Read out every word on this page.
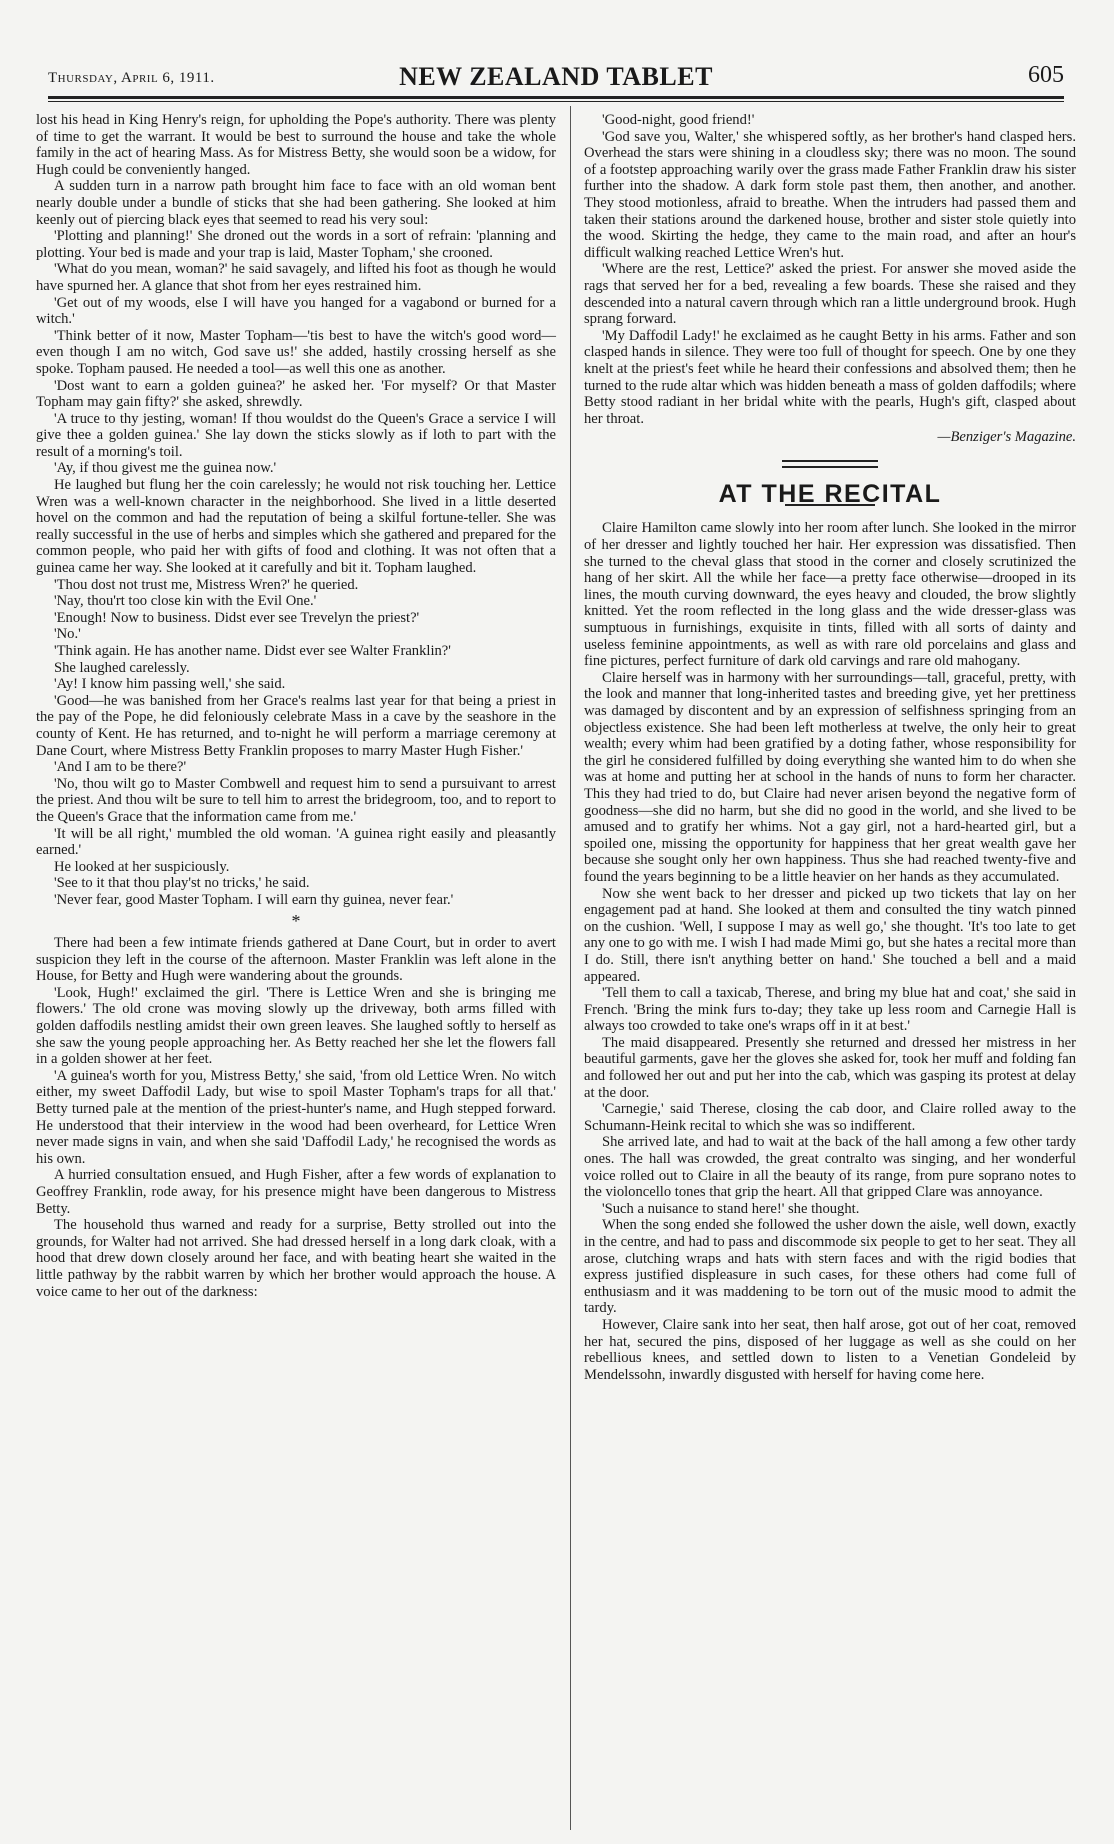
Thursday, April 6, 1911.	NEW ZEALAND TABLET	605

lost his head in King Henry's reign, for upholding the Pope's authority. There was plenty of time to get the warrant. It would be best to surround the house and take the whole family in the act of hearing Mass. As for Mistress Betty, she would soon be a widow, for Hugh could be conveniently hanged.

A sudden turn in a narrow path brought him face to face with an old woman bent nearly double under a bundle of sticks that she had been gathering. She looked at him keenly out of piercing black eyes that seemed to read his very soul:

'Plotting and planning!' She droned out the words in a sort of refrain: 'planning and plotting. Your bed is made and your trap is laid, Master Topham,' she crooned.

'What do you mean, woman?' he said savagely, and lifted his foot as though he would have spurned her. A glance that shot from her eyes restrained him.

'Get out of my woods, else I will have you hanged for a vagabond or burned for a witch.'

'Think better of it now, Master Topham—'tis best to have the witch's good word—even though I am no witch, God save us!' she added, hastily crossing herself as she spoke. Topham paused. He needed a tool—as well this one as another.

'Dost want to earn a golden guinea?' he asked her. 'For myself? Or that Master Topham may gain fifty?' she asked, shrewdly.

'A truce to thy jesting, woman! If thou wouldst do the Queen's Grace a service I will give thee a golden guinea.' She lay down the sticks slowly as if loth to part with the result of a morning's toil.

'Ay, if thou givest me the guinea now.'

He laughed but flung her the coin carelessly; he would not risk touching her. Lettice Wren was a well-known character in the neighborhood. She lived in a little deserted hovel on the common and had the reputation of being a skilful fortune-teller. She was really successful in the use of herbs and simples which she gathered and prepared for the common people, who paid her with gifts of food and clothing. It was not often that a guinea came her way. She looked at it carefully and bit it. Topham laughed.

'Thou dost not trust me, Mistress Wren?' he queried.

'Nay, thou'rt too close kin with the Evil One.'

'Enough! Now to business. Didst ever see Trevelyn the priest?'

'No.'

'Think again. He has another name. Didst ever see Walter Franklin?'

She laughed carelessly.

'Ay! I know him passing well,' she said.

'Good—he was banished from her Grace's realms last year for that being a priest in the pay of the Pope, he did feloniously celebrate Mass in a cave by the seashore in the county of Kent. He has returned, and to-night he will perform a marriage ceremony at Dane Court, where Mistress Betty Franklin proposes to marry Master Hugh Fisher.'

'And I am to be there?'

'No, thou wilt go to Master Combwell and request him to send a pursuivant to arrest the priest. And thou wilt be sure to tell him to arrest the bridegroom, too, and to report to the Queen's Grace that the information came from me.'

'It will be all right,' mumbled the old woman. 'A guinea right easily and pleasantly earned.'

He looked at her suspiciously.

'See to it that thou play'st no tricks,' he said.

'Never fear, good Master Topham. I will earn thy guinea, never fear.'

*

There had been a few intimate friends gathered at Dane Court, but in order to avert suspicion they left in the course of the afternoon. Master Franklin was left alone in the House, for Betty and Hugh were wandering about the grounds.

'Look, Hugh!' exclaimed the girl. 'There is Lettice Wren and she is bringing me flowers.' The old crone was moving slowly up the driveway, both arms filled with golden daffodils nestling amidst their own green leaves. She laughed softly to herself as she saw the young people approaching her. As Betty reached her she let the flowers fall in a golden shower at her feet.

'A guinea's worth for you, Mistress Betty,' she said, 'from old Lettice Wren. No witch either, my sweet Daffodil Lady, but wise to spoil Master Topham's traps for all that.' Betty turned pale at the mention of the priest-hunter's name, and Hugh stepped forward. He understood that their interview in the wood had been overheard, for Lettice Wren never made signs in vain, and when she said 'Daffodil Lady,' he recognised the words as his own.

A hurried consultation ensued, and Hugh Fisher, after a few words of explanation to Geoffrey Franklin, rode away, for his presence might have been dangerous to Mistress Betty.

The household thus warned and ready for a surprise, Betty strolled out into the grounds, for Walter had not arrived. She had dressed herself in a long dark cloak, with a hood that drew down closely around her face, and with beating heart she waited in the little pathway by the rabbit warren by which her brother would approach the house. A voice came to her out of the darkness:

'Good-night, good friend!'

'God save you, Walter,' she whispered softly, as her brother's hand clasped hers. Overhead the stars were shining in a cloudless sky; there was no moon. The sound of a footstep approaching warily over the grass made Father Franklin draw his sister further into the shadow. A dark form stole past them, then another, and another. They stood motionless, afraid to breathe. When the intruders had passed them and taken their stations around the darkened house, brother and sister stole quietly into the wood. Skirting the hedge, they came to the main road, and after an hour's difficult walking reached Lettice Wren's hut.

'Where are the rest, Lettice?' asked the priest. For answer she moved aside the rags that served her for a bed, revealing a few boards. These she raised and they descended into a natural cavern through which ran a little underground brook. Hugh sprang forward.

'My Daffodil Lady!' he exclaimed as he caught Betty in his arms. Father and son clasped hands in silence. They were too full of thought for speech. One by one they knelt at the priest's feet while he heard their confessions and absolved them; then he turned to the rude altar which was hidden beneath a mass of golden daffodils; where Betty stood radiant in her bridal white with the pearls, Hugh's gift, clasped about her throat.

—Benziger's Magazine.
AT THE RECITAL

Claire Hamilton came slowly into her room after lunch. She looked in the mirror of her dresser and lightly touched her hair. Her expression was dissatisfied. Then she turned to the cheval glass that stood in the corner and closely scrutinized the hang of her skirt. All the while her face—a pretty face otherwise—drooped in its lines, the mouth curving downward, the eyes heavy and clouded, the brow slightly knitted. Yet the room reflected in the long glass and the wide dresser-glass was sumptuous in furnishings, exquisite in tints, filled with all sorts of dainty and useless feminine appointments, as well as with rare old porcelains and glass and fine pictures, perfect furniture of dark old carvings and rare old mahogany.

Claire herself was in harmony with her surroundings—tall, graceful, pretty, with the look and manner that long-inherited tastes and breeding give, yet her prettiness was damaged by discontent and by an expression of selfishness springing from an objectless existence. She had been left motherless at twelve, the only heir to great wealth; every whim had been gratified by a doting father, whose responsibility for the girl he considered fulfilled by doing everything she wanted him to do when she was at home and putting her at school in the hands of nuns to form her character. This they had tried to do, but Claire had never arisen beyond the negative form of goodness—she did no harm, but she did no good in the world, and she lived to be amused and to gratify her whims. Not a gay girl, not a hard-hearted girl, but a spoiled one, missing the opportunity for happiness that her great wealth gave her because she sought only her own happiness. Thus she had reached twenty-five and found the years beginning to be a little heavier on her hands as they accumulated.

Now she went back to her dresser and picked up two tickets that lay on her engagement pad at hand. She looked at them and consulted the tiny watch pinned on the cushion. 'Well, I suppose I may as well go,' she thought. 'It's too late to get any one to go with me. I wish I had made Mimi go, but she hates a recital more than I do. Still, there isn't anything better on hand.' She touched a bell and a maid appeared.

'Tell them to call a taxicab, Therese, and bring my blue hat and coat,' she said in French. 'Bring the mink furs to-day; they take up less room and Carnegie Hall is always too crowded to take one's wraps off in it at best.'

The maid disappeared. Presently she returned and dressed her mistress in her beautiful garments, gave her the gloves she asked for, took her muff and folding fan and followed her out and put her into the cab, which was gasping its protest at delay at the door.

'Carnegie,' said Therese, closing the cab door, and Claire rolled away to the Schumann-Heink recital to which she was so indifferent.

She arrived late, and had to wait at the back of the hall among a few other tardy ones. The hall was crowded, the great contralto was singing, and her wonderful voice rolled out to Claire in all the beauty of its range, from pure soprano notes to the violoncello tones that grip the heart. All that gripped Clare was annoyance.

'Such a nuisance to stand here!' she thought.

When the song ended she followed the usher down the aisle, well down, exactly in the centre, and had to pass and discommode six people to get to her seat. They all arose, clutching wraps and hats with stern faces and with the rigid bodies that express justified displeasure in such cases, for these others had come full of enthusiasm and it was maddening to be torn out of the music mood to admit the tardy.

However, Claire sank into her seat, then half arose, got out of her coat, removed her hat, secured the pins, disposed of her luggage as well as she could on her rebellious knees, and settled down to listen to a Venetian Gondeleid by Mendelssohn, inwardly disgusted with herself for having come here.
